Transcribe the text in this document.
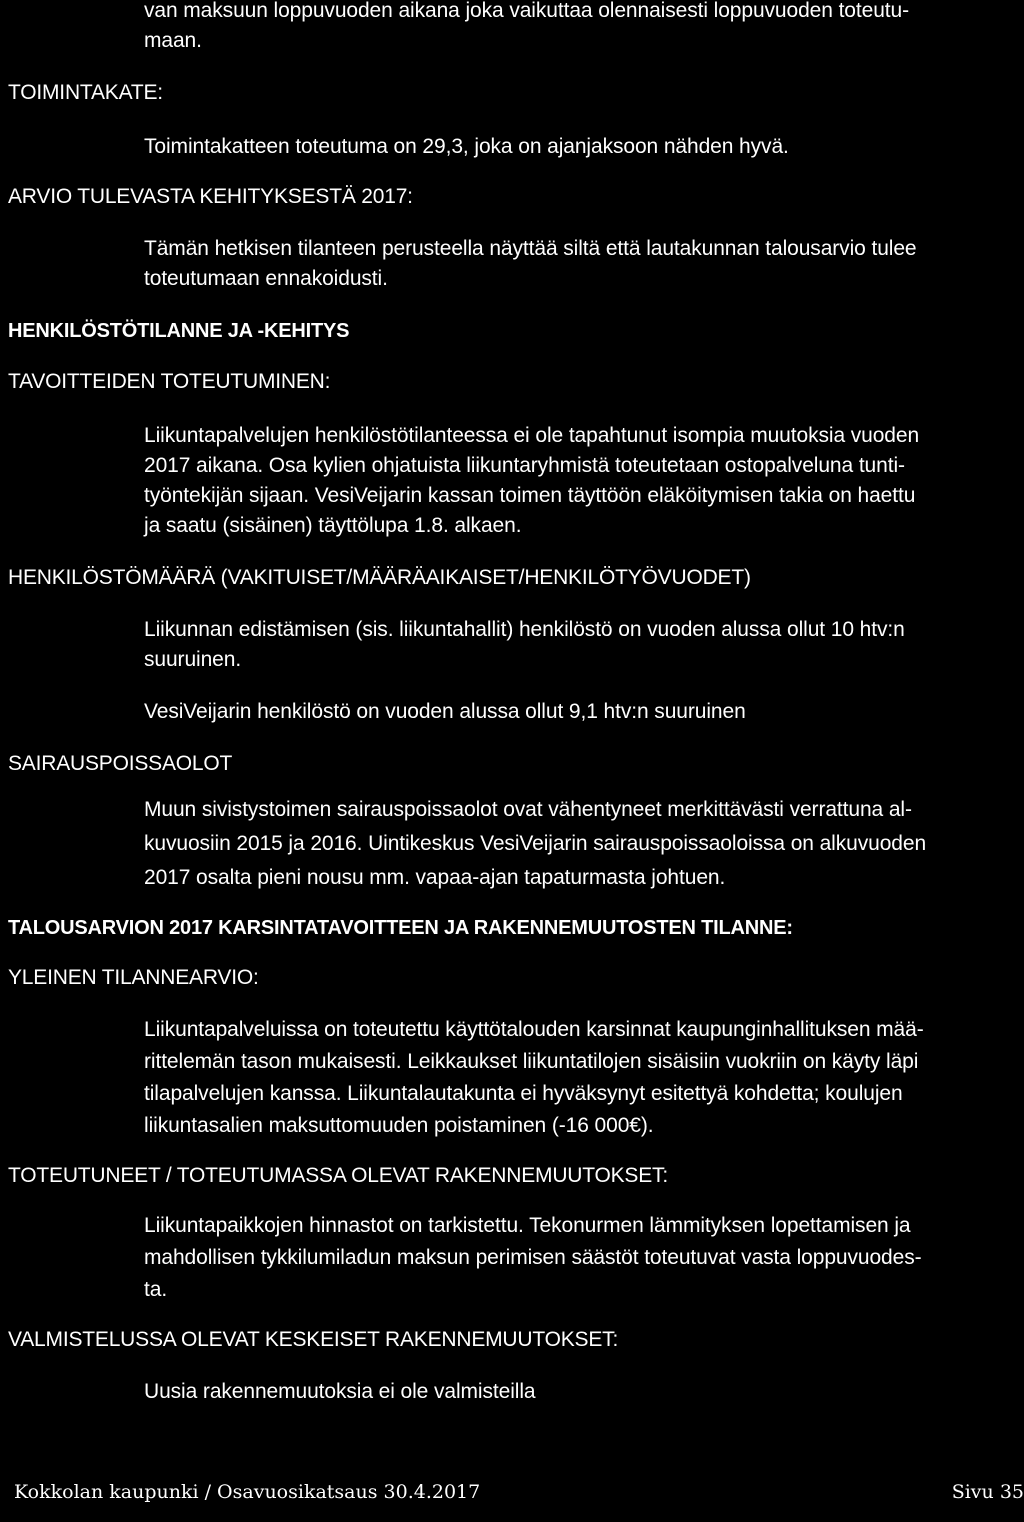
van maksuun loppuvuoden aikana joka vaikuttaa olennaisesti loppuvuoden toteutu-

maan.

TOIMINTAKATE:

Toimintakatteen toteutuma on 29,3, joka on ajanjaksoon nähden hyvä.

ARVIO TULEVASTA KEHITYKSESTÄ 2017:

Tämän hetkisen tilanteen perusteella näyttää siltä että lautakunnan talousarvio tulee

toteutumaan ennakoidusti.

HENKILÖSTÖTILANNE JA -KEHITYS

TAVOITTEIDEN TOTEUTUMINEN:

Liikuntapalvelujen henkilöstötilanteessa ei ole tapahtunut isompia muutoksia vuoden

2017 aikana. Osa kylien ohjatuista liikuntaryhmistä toteutetaan ostopalveluna tunti-

työntekijän sijaan. VesiVeijarin kassan toimen täyttöön eläköitymisen takia on haettu

ja saatu (sisäinen) täyttölupa 1.8. alkaen.

HENKILÖSTÖMÄÄRÄ (VAKITUISET/MÄÄRÄAIKAISET/HENKILÖTYÖVUODET)

Liikunnan edistämisen (sis. liikuntahallit) henkilöstö on vuoden alussa ollut 10 htv:n

suuruinen.

VesiVeijarin henkilöstö on vuoden alussa ollut 9,1 htv:n suuruinen

SAIRAUSPOISSAOLOT

Muun sivistystoimen sairauspoissaolot ovat vähentyneet merkittävästi verrattuna al-

kuvuosiin 2015 ja 2016. Uintikeskus VesiVeijarin sairauspoissaoloissa on alkuvuoden

2017 osalta pieni nousu mm. vapaa-ajan tapaturmasta johtuen.

TALOUSARVION 2017 KARSINTATAVOITTEEN JA RAKENNEMUUTOSTEN TILANNE:

YLEINEN TILANNEARVIO:

Liikuntapalveluissa on toteutettu käyttötalouden karsinnat kaupunginhallituksen mää-

rittelemän tason mukaisesti. Leikkaukset liikuntatilojen sisäisiin vuokriin on käyty läpi

tilapalvelujen kanssa. Liikuntalautakunta ei hyväksynyt esitettyä kohdetta; koulujen

liikuntasalien maksuttomuuden poistaminen (-16 000€).

TOTEUTUNEET / TOTEUTUMASSA OLEVAT RAKENNEMUUTOKSET:

Liikuntapaikkojen hinnastot on tarkistettu. Tekonurmen lämmityksen lopettamisen ja

mahdollisen tykkilumiladun maksun perimisen säästöt toteutuvat vasta loppuvuodes-

ta.

VALMISTELUSSA OLEVAT KESKEISET RAKENNEMUUTOKSET:

Uusia rakennemuutoksia ei ole valmisteilla

Kokkolan kaupunki / Osavuosikatsaus 30.4.2017	Sivu 35
